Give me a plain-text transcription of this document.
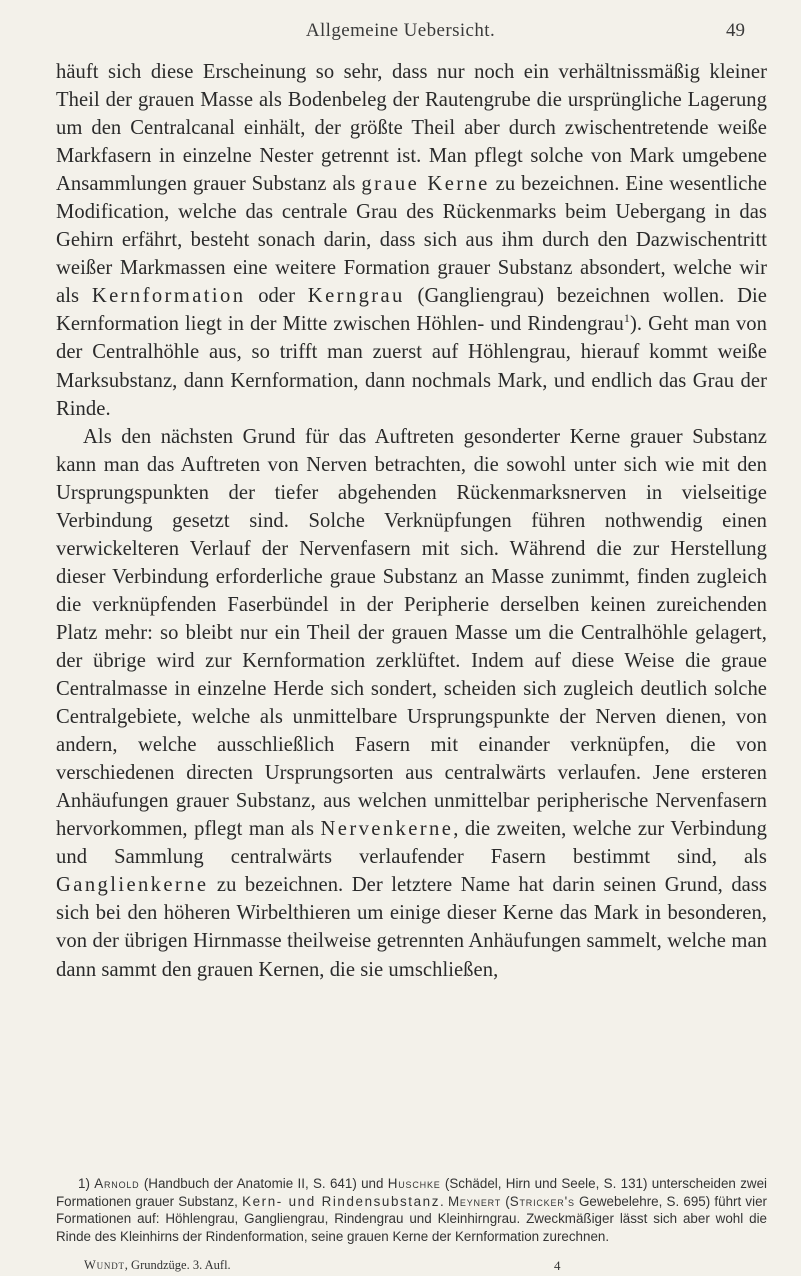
Allgemeine Uebersicht.	49

häuft sich diese Erscheinung so sehr, dass nur noch ein verhältnissmäßig kleiner Theil der grauen Masse als Bodenbeleg der Rautengrube die ursprüngliche Lagerung um den Centralcanal einhält, der größte Theil aber durch zwischentretende weiße Markfasern in einzelne Nester getrennt ist. Man pflegt solche von Mark umgebene Ansammlungen grauer Substanz als graue Kerne zu bezeichnen. Eine wesentliche Modification, welche das centrale Grau des Rückenmarks beim Uebergang in das Gehirn erfährt, besteht sonach darin, dass sich aus ihm durch den Dazwischentritt weißer Markmassen eine weitere Formation grauer Substanz absondert, welche wir als Kernformation oder Kerngrau (Gangliengrau) bezeichnen wollen. Die Kernformation liegt in der Mitte zwischen Höhlen- und Rindengrau$^1$). Geht man von der Centralhöhle aus, so trifft man zuerst auf Höhlengrau, hierauf kommt weiße Marksubstanz, dann Kernformation, dann nochmals Mark, und endlich das Grau der Rinde.

Als den nächsten Grund für das Auftreten gesonderter Kerne grauer Substanz kann man das Auftreten von Nerven betrachten, die sowohl unter sich wie mit den Ursprungspunkten der tiefer abgehenden Rückenmarksnerven in vielseitige Verbindung gesetzt sind. Solche Verknüpfungen führen nothwendig einen verwickelteren Verlauf der Nervenfasern mit sich. Während die zur Herstellung dieser Verbindung erforderliche graue Substanz an Masse zunimmt, finden zugleich die verknüpfenden Faserbündel in der Peripherie derselben keinen zureichenden Platz mehr: so bleibt nur ein Theil der grauen Masse um die Centralhöhle gelagert, der übrige wird zur Kernformation zerklüftet. Indem auf diese Weise die graue Centralmasse in einzelne Herde sich sondert, scheiden sich zugleich deutlich solche Centralgebiete, welche als unmittelbare Ursprungspunkte der Nerven dienen, von andern, welche ausschließlich Fasern mit einander verknüpfen, die von verschiedenen directen Ursprungsorten aus centralwärts verlaufen. Jene ersteren Anhäufungen grauer Substanz, aus welchen unmittelbar peripherische Nervenfasern hervorkommen, pflegt man als Nervenkerne, die zweiten, welche zur Verbindung und Sammlung centralwärts verlaufender Fasern bestimmt sind, als Ganglienkerne zu bezeichnen. Der letztere Name hat darin seinen Grund, dass sich bei den höheren Wirbelthieren um einige dieser Kerne das Mark in besonderen, von der übrigen Hirnmasse theilweise getrennten Anhäufungen sammelt, welche man dann sammt den grauen Kernen, die sie umschließen,

1) Arnold (Handbuch der Anatomie II, S. 641) und Huschke (Schädel, Hirn und Seele, S. 131) unterscheiden zwei Formationen grauer Substanz, Kern- und Rindensubstanz. Meynert (Stricker's Gewebelehre, S. 695) führt vier Formationen auf: Höhlengrau, Gangliengrau, Rindengrau und Kleinhirngrau. Zweckmäßiger lässt sich aber wohl die Rinde des Kleinhirns der Rindenformation, seine grauen Kerne der Kernformation zurechnen.

Wundt, Grundzüge. 3. Aufl.	4
